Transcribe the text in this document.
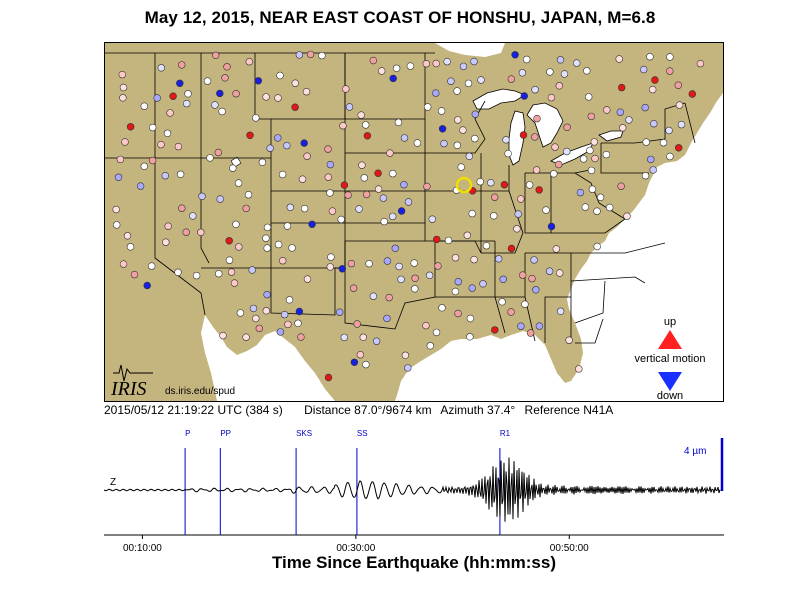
May 12, 2015, NEAR EAST COAST OF HONSHU, JAPAN, M=6.8
IRIS ds.iris.edu/spud
up
vertical motion
down
2015/05/12 21:19:22 UTC (384 s) Distance 87.0°/9674 km Azimuth 37.4° Reference N41A
P	PP	SKS	SS	R1
00:10:00	00:30:00	00:50:00
Z
4 µm
Time Since Earthquake (hh:mm:ss)
